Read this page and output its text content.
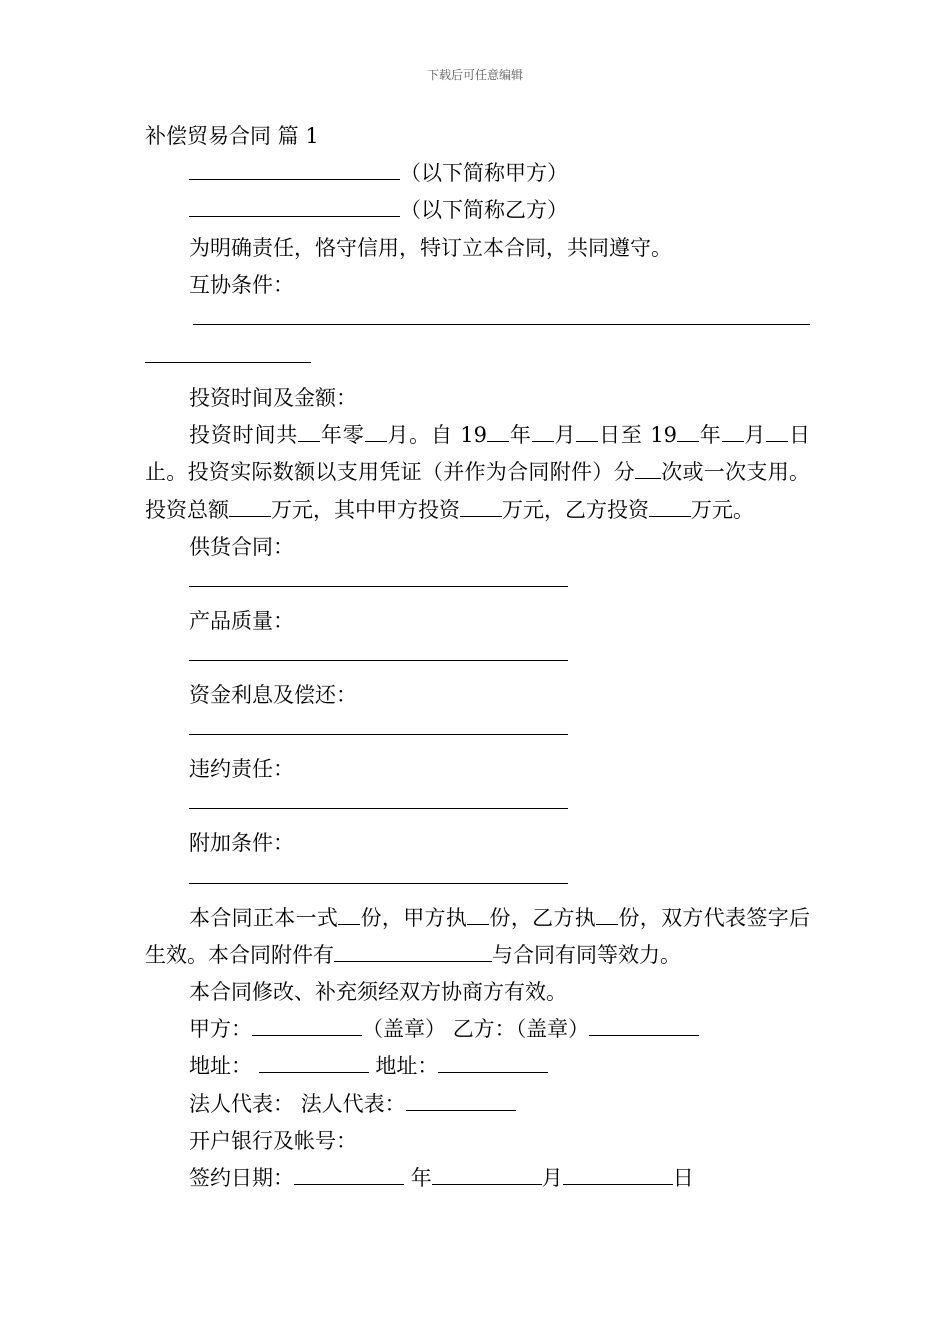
下载后可任意编辑
补偿贸易合同 篇 1
（以下简称甲方）
（以下简称乙方）
为明确责任，恪守信用，特订立本合同，共同遵守。
互协条件：
投资时间及金额：
投资时间共 年零 月。自 19 年 月 日至 19 年 月 日止。投资实际数额以支用凭证（并作为合同附件）分 次或一次支用。投资总额 万元，其中甲方投资 万元，乙方投资 万元。
供货合同：
产品质量：
资金利息及偿还：
违约责任：
附加条件：
本合同正本一式 份，甲方执 份，乙方执 份，双方代表签字后生效。本合同附件有	与合同有同等效力。
本合同修改、补充须经双方协商方有效。
甲方：	（盖章） 乙方：（盖章）
地址：	地址：
法人代表： 法人代表：
开户银行及帐号：
签约日期：	年	月	日
